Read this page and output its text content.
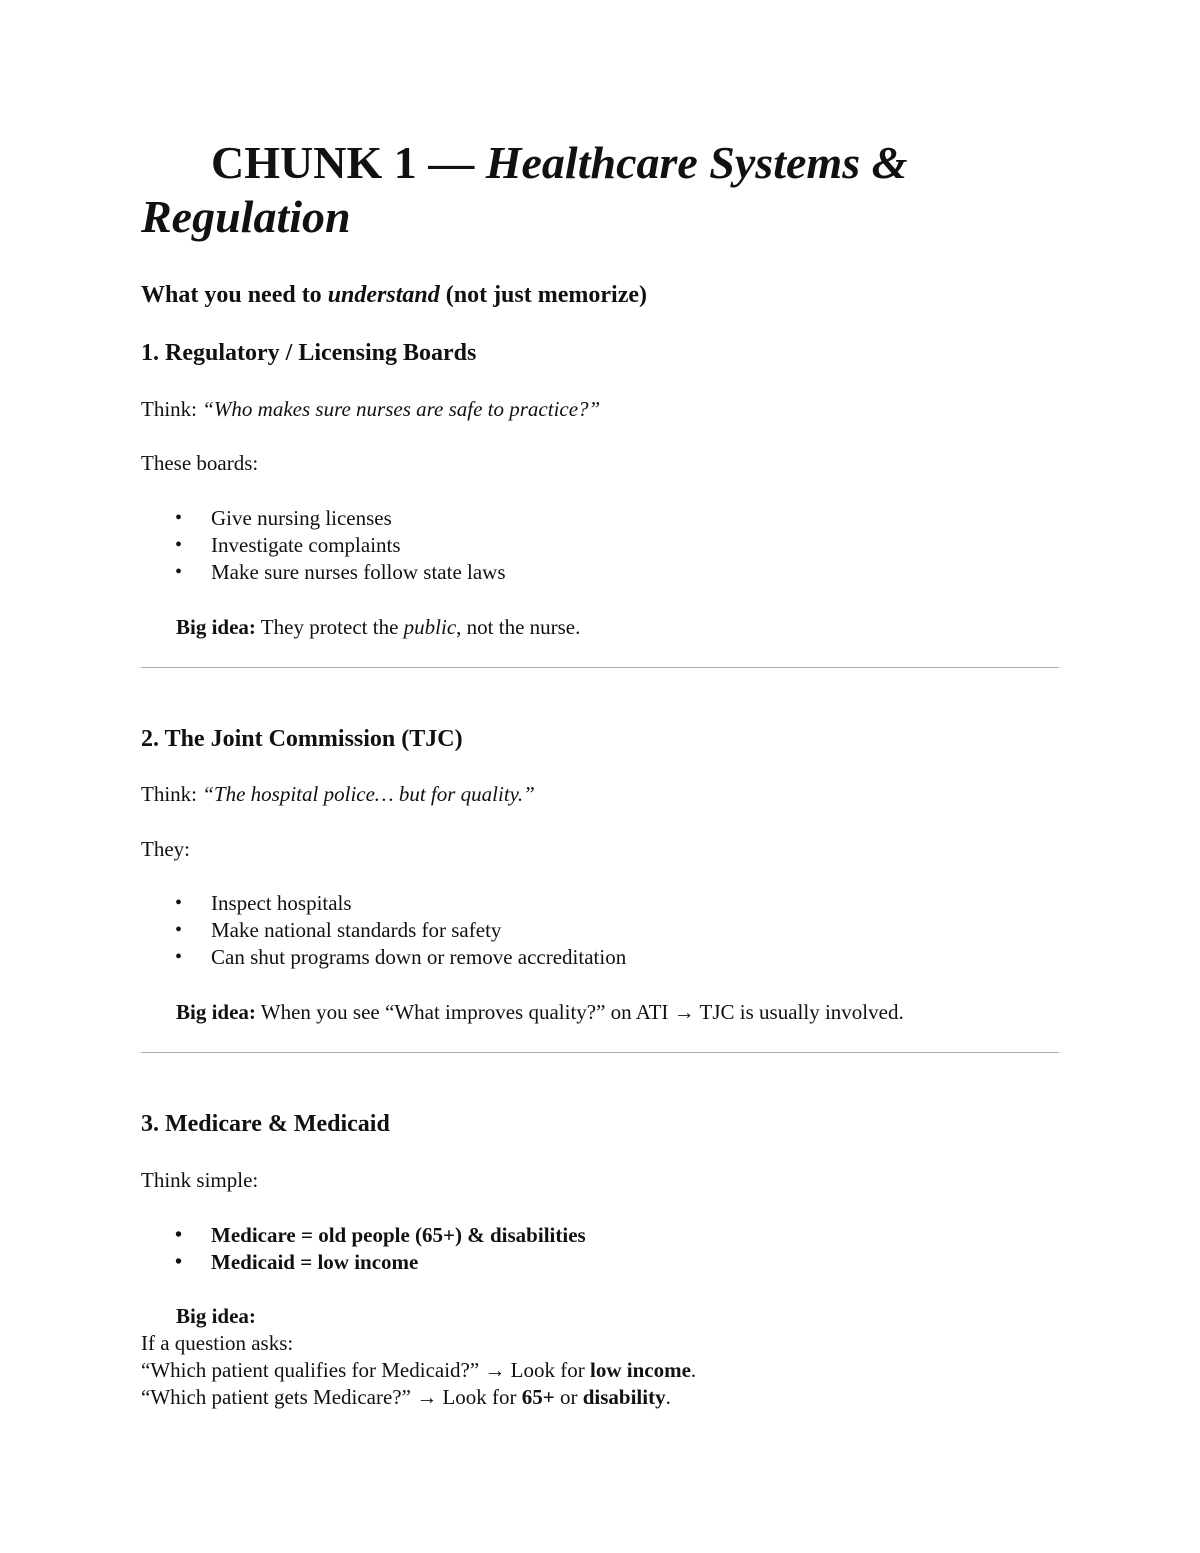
CHUNK 1 — Healthcare Systems &
Regulation

What you need to understand (not just memorize)

1. Regulatory / Licensing Boards

Think: “Who makes sure nurses are safe to practice?”

These boards:

• Give nursing licenses
• Investigate complaints
• Make sure nurses follow state laws

Big idea: They protect the public, not the nurse.

2. The Joint Commission (TJC)

Think: “The hospital police… but for quality.”

They:

• Inspect hospitals
• Make national standards for safety
• Can shut programs down or remove accreditation

Big idea: When you see “What improves quality?” on ATI → TJC is usually involved.

3. Medicare & Medicaid

Think simple:

• Medicare = old people (65+) & disabilities
• Medicaid = low income
Big idea:
If a question asks:
“Which patient qualifies for Medicaid?” → Look for low income.
“Which patient gets Medicare?” → Look for 65+ or disability.
